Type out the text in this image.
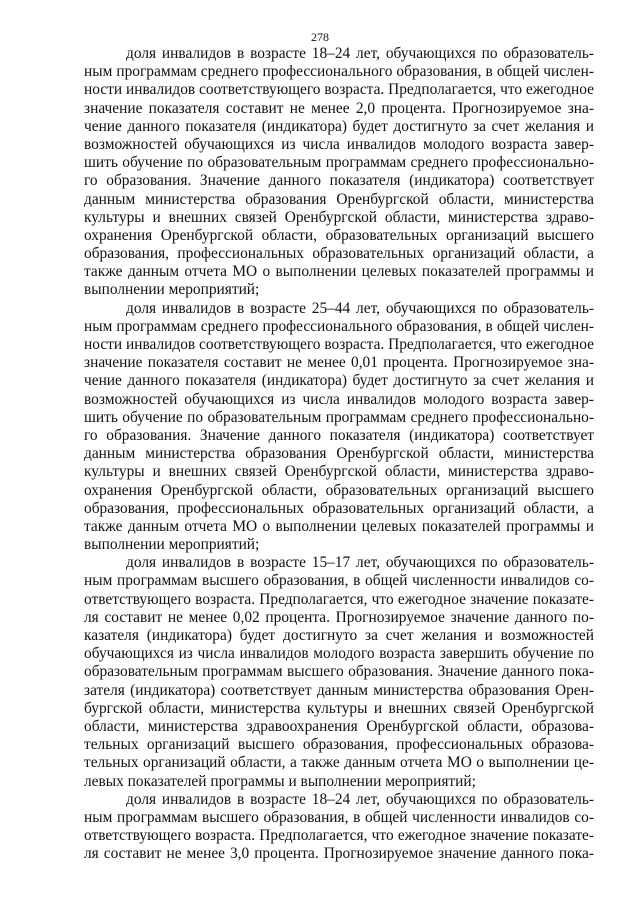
278
доля инвалидов в возрасте 18–24 лет, обучающихся по образователь-
ным программам среднего профессионального образования, в общей числен-
ности инвалидов соответствующего возраста. Предполагается, что ежегодное
значение показателя составит не менее 2,0 процента. Прогнозируемое зна-
чение данного показателя (индикатора) будет достигнуто за счет желания и
возможностей обучающихся из числа инвалидов молодого возраста завер-
шить обучение по образовательным программам среднего профессионально-
го образования. Значение данного показателя (индикатора) соответствует
данным министерства образования Оренбургской области, министерства
культуры и внешних связей Оренбургской области, министерства здраво-
охранения Оренбургской области, образовательных организаций высшего
образования, профессиональных образовательных организаций области, а
также данным отчета МО о выполнении целевых показателей программы и
выполнении мероприятий;
доля инвалидов в возрасте 25–44 лет, обучающихся по образователь-
ным программам среднего профессионального образования, в общей числен-
ности инвалидов соответствующего возраста. Предполагается, что ежегодное
значение показателя составит не менее 0,01 процента. Прогнозируемое зна-
чение данного показателя (индикатора) будет достигнуто за счет желания и
возможностей обучающихся из числа инвалидов молодого возраста завер-
шить обучение по образовательным программам среднего профессионально-
го образования. Значение данного показателя (индикатора) соответствует
данным министерства образования Оренбургской области, министерства
культуры и внешних связей Оренбургской области, министерства здраво-
охранения Оренбургской области, образовательных организаций высшего
образования, профессиональных образовательных организаций области, а
также данным отчета МО о выполнении целевых показателей программы и
выполнении мероприятий;
доля инвалидов в возрасте 15–17 лет, обучающихся по образователь-
ным программам высшего образования, в общей численности инвалидов со-
ответствующего возраста. Предполагается, что ежегодное значение показате-
ля составит не менее 0,02 процента. Прогнозируемое значение данного по-
казателя (индикатора) будет достигнуто за счет желания и возможностей
обучающихся из числа инвалидов молодого возраста завершить обучение по
образовательным программам высшего образования. Значение данного пока-
зателя (индикатора) соответствует данным министерства образования Орен-
бургской области, министерства культуры и внешних связей Оренбургской
области, министерства здравоохранения Оренбургской области, образова-
тельных организаций высшего образования, профессиональных образова-
тельных организаций области, а также данным отчета МО о выполнении це-
левых показателей программы и выполнении мероприятий;
доля инвалидов в возрасте 18–24 лет, обучающихся по образователь-
ным программам высшего образования, в общей численности инвалидов со-
ответствующего возраста. Предполагается, что ежегодное значение показате-
ля составит не менее 3,0 процента. Прогнозируемое значение данного пока-
